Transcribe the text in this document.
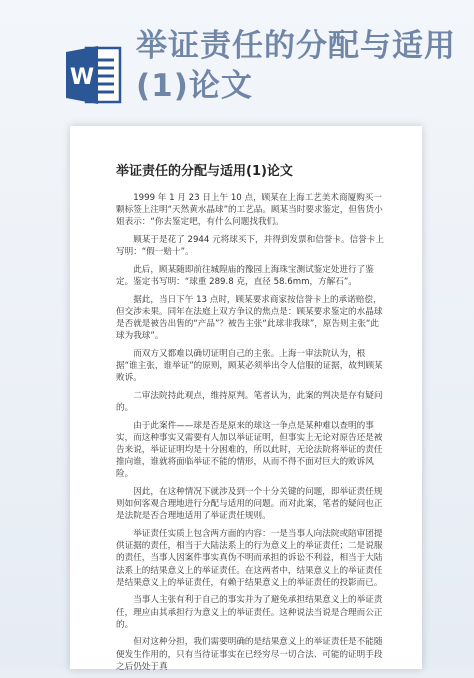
W
举证责任的分配与适用
(1)论文
举证责任的分配与适用(1)论文

1999 年 1 月 23 日上午 10 点，顾某在上海工艺美术商厦购买一颗标签上注明“天然黄水晶球”的工艺品。顾某当时要求鉴定，但售货小姐表示：“你去鉴定吧，有什么问题找我们。

顾某于是花了 2944 元将球买下，并得到发票和信誉卡。信誉卡上写明：“假一赔十”。

此后，顾某随即前往城隍庙的豫园上海珠宝测试鉴定处进行了鉴定。鉴定书写明：“球重 289.8 克，直径 58.6mm，方解石”。

据此，当日下午 13 点时，顾某要求商家按信誉卡上的承诺赔偿，但交涉未果。同年在法庭上双方争议的焦点是：顾某要求鉴定的水晶球是否就是被告出售的“产品”？被告主张“此球非我球”，原告则主张“此球为我球”。

而双方又都难以确切证明自己的主张。上海一审法院认为，根据“谁主张，谁举证”的原则，顾某必须举出令人信服的证据，故判顾某败诉。

二审法院持此观点，维持原判。笔者认为，此案的判决是存有疑问的。

由于此案件——球是否是原来的球这一争点是某种难以查明的事实，而这种事实又需要有人加以举证证明，但事实上无论对原告还是被告来说，举证证明均是十分困难的，所以此时，无论法院将举证的责任推向谁，谁就将面临举证不能的情形，从而不得不面对巨大的败诉风险。

因此，在这种情况下就涉及到一个十分关键的问题，即举证责任规则如何客观合理地进行分配与适用的问题。而对此案，笔者的疑问也正是法院是否合理地适用了举证责任规则。

举证责任实质上包含两方面的内容：一是当事人向法院或陪审团提供证据的责任，相当于大陆法系上的行为意义上的举证责任；二是说服的责任，当事人因案件事实真伪不明而承担的诉讼不利益，相当于大陆法系上的结果意义上的举证责任。在这两者中，结果意义上的举证责任是结果意义上的举证责任，有赖于结果意义上的举证责任的投影而已。

当事人主张有利于自己的事实并为了避免承担结果意义上的举证责任，理应由其承担行为意义上的举证责任。这种说法当说是合理而公正的。

但对这种分担，我们需要明确的是结果意义上的举证责任是不能随便发生作用的，只有当待证事实在已经穷尽一切合法、可能的证明手段之后仍处于真
